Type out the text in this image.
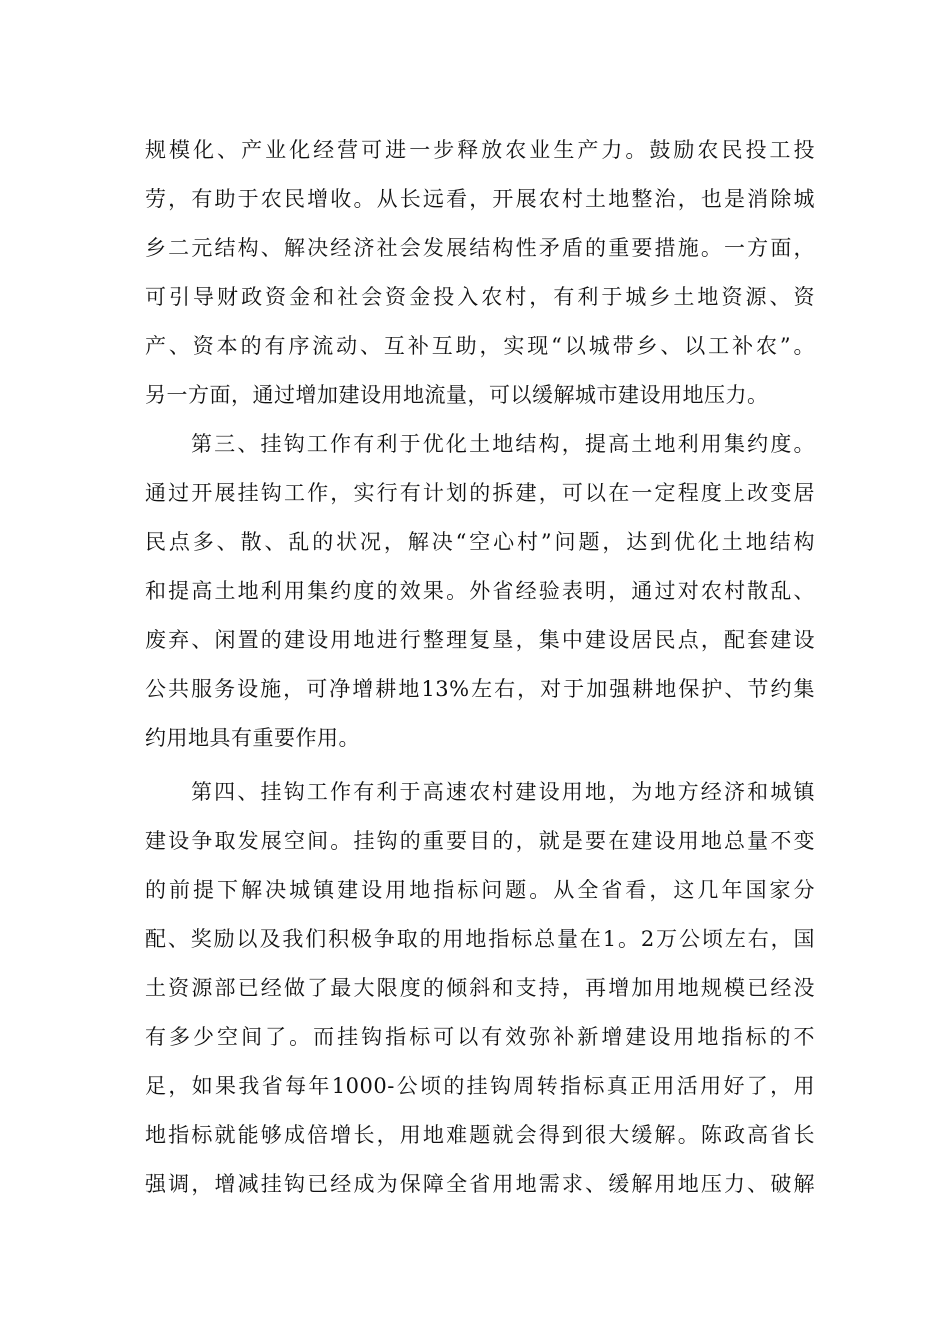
规模化、产业化经营可进一步释放农业生产力。鼓励农民投工投
劳，有助于农民增收。从长远看，开展农村土地整治，也是消除城
乡二元结构、解决经济社会发展结构性矛盾的重要措施。一方面，
可引导财政资金和社会资金投入农村，有利于城乡土地资源、资
产、资本的有序流动、互补互助，实现“以城带乡、以工补农”。
另一方面，通过增加建设用地流量，可以缓解城市建设用地压力。
第三、挂钩工作有利于优化土地结构，提高土地利用集约度。
通过开展挂钩工作，实行有计划的拆建，可以在一定程度上改变居
民点多、散、乱的状况，解决“空心村”问题，达到优化土地结构
和提高土地利用集约度的效果。外省经验表明，通过对农村散乱、
废弃、闲置的建设用地进行整理复垦，集中建设居民点，配套建设
公共服务设施，可净增耕地13%左右，对于加强耕地保护、节约集
约用地具有重要作用。
第四、挂钩工作有利于高速农村建设用地，为地方经济和城镇
建设争取发展空间。挂钩的重要目的，就是要在建设用地总量不变
的前提下解决城镇建设用地指标问题。从全省看，这几年国家分
配、奖励以及我们积极争取的用地指标总量在1。2万公顷左右，国
土资源部已经做了最大限度的倾斜和支持，再增加用地规模已经没
有多少空间了。而挂钩指标可以有效弥补新增建设用地指标的不
足，如果我省每年1000-公顷的挂钩周转指标真正用活用好了，用
地指标就能够成倍增长，用地难题就会得到很大缓解。陈政高省长
强调，增减挂钩已经成为保障全省用地需求、缓解用地压力、破解
